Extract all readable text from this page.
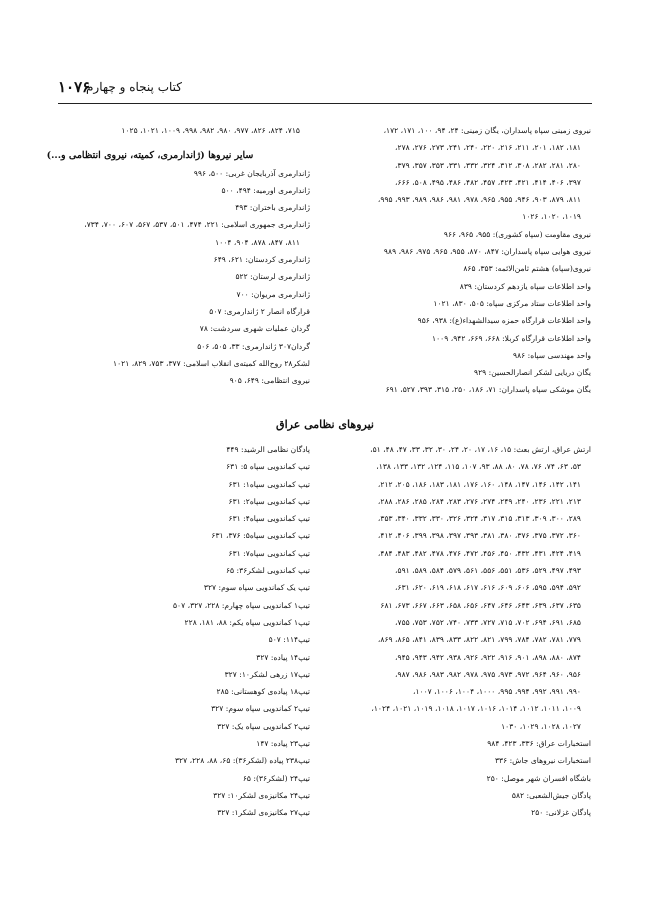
۱۰۷۶
کتاب پنجاه و چهارم
نیروی زمینی سپاه پاسداران، یگان زمینی: ۲۴، ۹۴، ۱۰۰، ۱۷۱، ۱۷۲،
۱۸۱، ۱۸۲، ۲۰۱، ۲۱۱، ۲۱۶، ۲۲۰، ۲۴۰، ۲۴۱، ۲۷۳، ۲۷۶، ۲۷۸،
۲۸۰، ۲۸۱، ۲۸۲، ۳۰۸، ۳۱۲، ۳۲۴، ۳۳۲، ۳۳۱، ۳۵۳، ۳۵۷، ۳۷۹،
۳۹۷، ۴۰۶، ۴۱۴، ۴۲۱، ۴۲۳، ۴۵۷، ۴۸۲، ۴۸۶، ۴۹۵، ۵۰۸، ۶۶۶،
۸۱۱، ۸۷۹، ۹۰۳، ۹۴۶، ۹۵۵، ۹۶۵، ۹۷۸، ۹۸۱، ۹۸۶، ۹۸۹، ۹۹۳، ۹۹۵،
۱۰۱۹، ۱۰۲۰، ۱۰۲۶
نیروی مقاومت (سپاه کشوری): ۹۵۵، ۹۶۵، ۹۶۶
نیروی هوایی سپاه پاسداران: ۸۴۷، ۸۷۰، ۹۵۵، ۹۶۵، ۹۷۵، ۹۸۶، ۹۸۹
نیروی(سپاه) هشتم ثامن‌الائمه: ۳۵۳، ۸۶۵
واحد اطلاعات سپاه یازدهم کردستان: ۸۳۹
واحد اطلاعات ستاد مرکزی سپاه: ۵۰۵، ۸۳۰، ۱۰۲۱
واحد اطلاعات قرارگاه حمزه سیدالشهداء(ع): ۹۳۸، ۹۵۶
واحد اطلاعات قرارگاه کربلا: ۶۶۸، ۶۶۹، ۹۴۲، ۱۰۰۹
واحد مهندسی سپاه: ۹۸۶
یگان دریایی لشکر انصارالحسین: ۹۲۹
یگان موشکی سپاه پاسداران: ۷۱، ۱۸۶، ۲۵۰، ۳۱۵، ۳۹۳، ۵۲۷، ۶۹۱
۷۱۵، ۸۲۴، ۸۲۶، ۹۷۷، ۹۸۰، ۹۸۲، ۹۹۸، ۱۰۰۹، ۱۰۲۱، ۱۰۲۵
سایر نیروها (ژاندارمری، کمیته، نیروی انتظامی و...)
ژاندارمری آذربایجان غربی: ۵۰۰، ۹۹۶
ژاندارمری اورمیه: ۴۹۴، ۵۰۰
ژاندارمری باختران: ۴۹۳
ژاندارمری جمهوری اسلامی: ۲۲۱، ۴۷۴، ۵۰۱، ۵۳۷، ۵۶۷، ۶۰۷، ۷۰۰، ۷۳۴،
۸۱۱، ۸۴۷، ۸۷۸، ۹۰۴، ۱۰۰۴
ژاندارمری کردستان: ۶۲۱، ۶۴۹
ژاندارمری لرستان: ۵۲۲
ژاندارمری مریوان: ۷۰۰
قرارگاه انصار ۲ ژاندارمری: ۵۰۷
گردان عملیات شهری سردشت: ۷۸
گردان۳۰۷ ژاندارمری: ۳۳، ۵۰۵، ۵۰۶
لشکر۲۸ روح‌الله کمیته‌ی انقلاب اسلامی: ۳۷۷، ۷۵۳، ۸۲۹، ۱۰۲۱
نیروی انتظامی: ۶۴۹، ۹۰۵
نیروهای نظامی عراق
ارتش عراق، ارتش بعث: ۱۵، ۱۶، ۱۷، ۲۰، ۲۴، ۳۰، ۳۲، ۳۳، ۴۷، ۴۸، ۵۱،
۵۳، ۶۳، ۷۴، ۷۶، ۷۸، ۸۰، ۸۸، ۹۳، ۱۰۷، ۱۱۵، ۱۲۴، ۱۳۲، ۱۳۳، ۱۳۸،
۱۴۱، ۱۴۲، ۱۴۶، ۱۴۷، ۱۴۸، ۱۶۰، ۱۷۶، ۱۸۱، ۱۸۳، ۱۸۶، ۲۰۵، ۲۱۲،
۲۱۳، ۲۲۱، ۲۳۶، ۲۴۰، ۲۴۹، ۲۷۴، ۲۷۶، ۲۸۳، ۲۸۴، ۲۸۵، ۲۸۶، ۲۸۸،
۲۸۹، ۳۰۰، ۳۰۹، ۳۱۳، ۳۱۵، ۳۱۷، ۳۲۴، ۳۲۶، ۳۳۰، ۳۳۲، ۳۴۰، ۳۵۳،
۳۶۰، ۳۷۲، ۳۷۵، ۳۷۶، ۳۸۰، ۳۸۱، ۳۹۳، ۳۹۷، ۳۹۸، ۳۹۹، ۴۰۶، ۴۱۲،
۴۱۹، ۴۲۴، ۴۳۱، ۴۳۲، ۴۵۰، ۴۵۶، ۴۷۲، ۴۷۶، ۴۷۸، ۴۸۲، ۴۸۳، ۴۸۴،
۴۹۳، ۴۹۷، ۵۲۹، ۵۳۶، ۵۵۱، ۵۵۶، ۵۶۱، ۵۷۹، ۵۸۴، ۵۸۹، ۵۹۱،
۵۹۲، ۵۹۴، ۵۹۵، ۶۰۶، ۶۰۹، ۶۱۶، ۶۱۷، ۶۱۸، ۶۱۹، ۶۲۰، ۶۳۱،
۶۳۵، ۶۳۷، ۶۳۹، ۶۴۳، ۶۴۶، ۶۴۷، ۶۵۶، ۶۵۸، ۶۶۳، ۶۶۷، ۶۷۳، ۶۸۱
۶۸۵، ۶۹۱، ۶۹۴، ۷۰۲، ۷۱۵، ۷۲۷، ۷۳۳، ۷۴۰، ۷۵۲، ۷۵۳، ۷۵۵،
۷۷۹، ۷۸۱، ۷۸۲، ۷۸۴، ۷۹۹، ۸۲۱، ۸۲۲، ۸۳۳، ۸۳۹، ۸۴۱، ۸۶۵، ۸۶۹،
۸۷۴، ۸۸۰، ۸۹۸، ۹۰۱، ۹۱۶، ۹۲۲، ۹۲۶، ۹۳۸، ۹۴۲، ۹۴۳، ۹۴۵،
۹۵۶، ۹۶۰، ۹۶۴، ۹۷۲، ۹۷۳، ۹۷۵، ۹۷۸، ۹۸۲، ۹۸۳، ۹۸۶، ۹۸۷،
۹۹۰، ۹۹۱، ۹۹۲، ۹۹۴، ۹۹۵، ۱۰۰۰، ۱۰۰۴، ۱۰۰۶، ۱۰۰۷،
۱۰۰۹، ۱۰۱۱، ۱۰۱۲، ۱۰۱۴، ۱۰۱۶، ۱۰۱۷، ۱۰۱۸، ۱۰۱۹، ۱۰۲۱، ۱۰۲۴،
۱۰۲۷، ۱۰۲۸، ۱۰۲۹، ۱۰۳۰
استخبارات عراق: ۳۳۶، ۴۲۳، ۹۸۴
استخبارات نیروهای جاش: ۳۳۶
باشگاه افسران شهر موصل: ۲۵۰
پادگان جیش‌الشعبی: ۵۸۲
پادگان غزلانی: ۲۵۰
پادگان نظامی الرشید: ۴۴۹
تیپ کماندویی سپاه ۵: ۶۳۱
تیپ کماندویی سپاه۱: ۶۳۱
تیپ کماندویی سپاه۲: ۶۳۱
تیپ کماندویی سپاه۴: ۶۳۱
تیپ کماندویی سپاه۵: ۳۷۶، ۶۳۱
تیپ کماندویی سپاه۷: ۶۳۱
تیپ کماندویی لشکر۳۶: ۶۵
تیپ یک کماندویی سپاه سوم: ۳۲۷
تیپ۱ کماندویی سپاه چهارم: ۲۲۸، ۳۲۷، ۵۰۷
تیپ۱ کماندویی سپاه یکم: ۸۸، ۱۸۱، ۲۲۸
تیپ۱۱۴: ۵۰۷
تیپ۱۴ پیاده: ۳۲۷
تیپ۱۷ زرهی لشکر۱۰: ۳۲۷
تیپ۱۸ پیاده‌ی کوهستانی: ۲۸۵
تیپ۲ کماندویی سپاه سوم: ۳۲۷
تیپ۲ کماندویی سپاه یک: ۳۲۷
تیپ۲۳ پیاده: ۱۴۷
تیپ۲۳۸ پیاده (لشکر۳۶): ۶۵، ۸۸، ۲۲۸، ۳۲۷
تیپ۲۴ (لشکر۳۶): ۶۵
تیپ۲۴ مکانیزه‌ی لشکر۱۰: ۳۲۷
تیپ۲۷ مکانیزه‌ی لشکر۱: ۳۲۷
